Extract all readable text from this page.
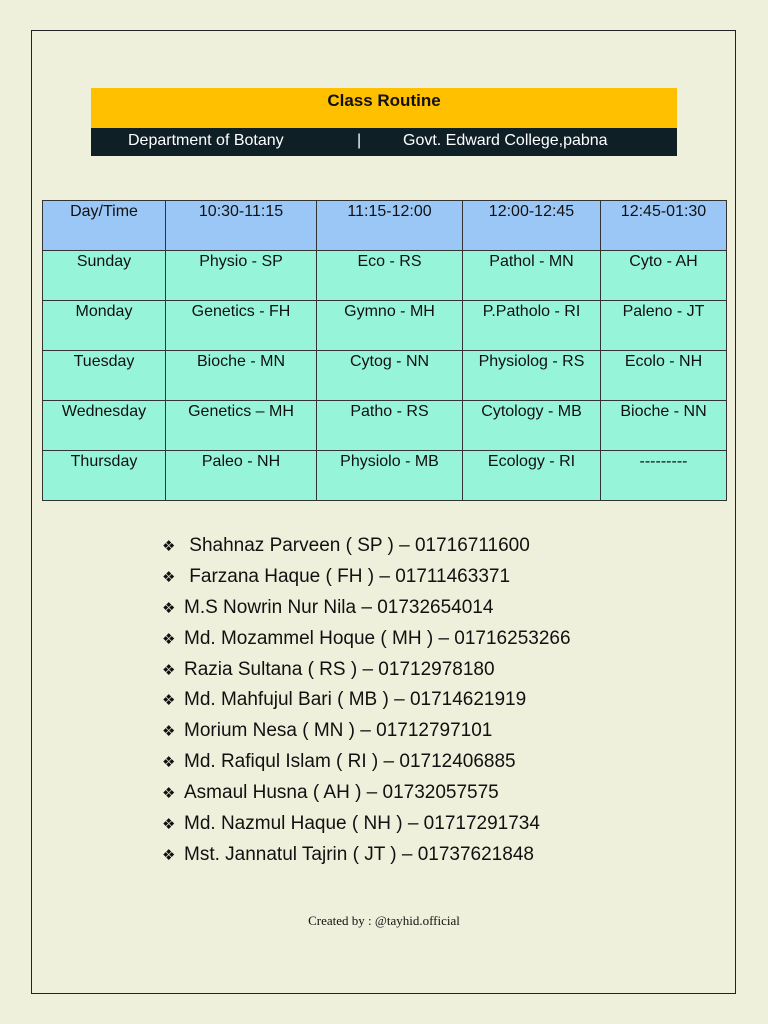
Class Routine
Department of Botany	|	Govt. Edward College,pabna
Day/Time	10:30-11:15	11:15-12:00	12:00-12:45	12:45-01:30
Sunday	Physio - SP	Eco - RS	Pathol - MN	Cyto - AH
Monday	Genetics - FH	Gymno - MH	P.Patholo - RI	Paleno - JT
Tuesday	Bioche - MN	Cytog - NN	Physiolog - RS	Ecolo - NH
Wednesday	Genetics – MH	Patho - RS	Cytology - MB	Bioche - NN
Thursday	Paleo - NH	Physiolo - MB	Ecology - RI	---------
❖ Shahnaz Parveen ( SP ) – 01716711600
❖ Farzana Haque ( FH ) – 01711463371
❖ M.S Nowrin Nur Nila – 01732654014
❖ Md. Mozammel Hoque ( MH ) – 01716253266
❖ Razia Sultana ( RS ) – 01712978180
❖ Md. Mahfujul Bari ( MB ) – 01714621919
❖ Morium Nesa ( MN ) – 01712797101
❖ Md. Rafiqul Islam ( RI ) – 01712406885
❖ Asmaul Husna ( AH ) – 01732057575
❖ Md. Nazmul Haque ( NH ) – 01717291734
❖ Mst. Jannatul Tajrin ( JT ) – 01737621848
Created by : @tayhid.official
